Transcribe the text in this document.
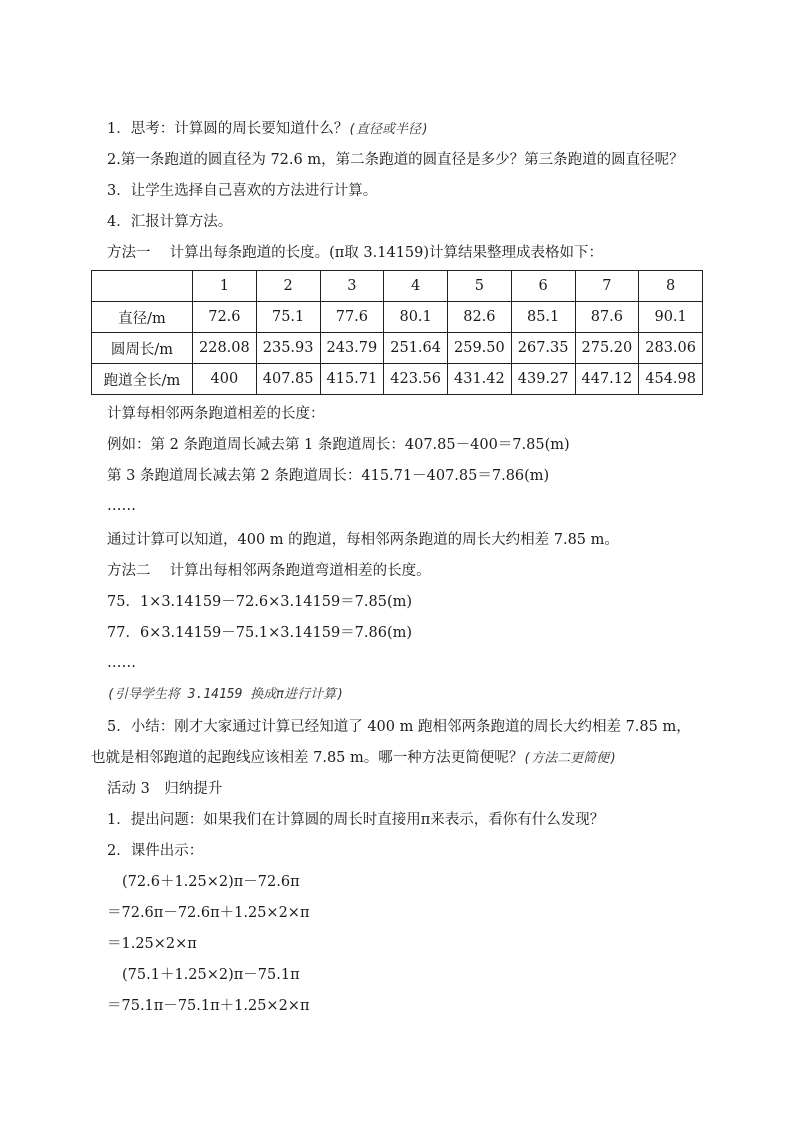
1．思考：计算圆的周长要知道什么？(直径或半径)
2.第一条跑道的圆直径为 72.6 m，第二条跑道的圆直径是多少？第三条跑道的圆直径呢？
3．让学生选择自己喜欢的方法进行计算。
4．汇报计算方法。
方法一　 计算出每条跑道的长度。(π取 3.14159)计算结果整理成表格如下：
	1	2	3	4	5	6	7	8
直径/m	72.6	75.1	77.6	80.1	82.6	85.1	87.6	90.1
圆周长/m	228.08	235.93	243.79	251.64	259.50	267.35	275.20	283.06
跑道全长/m	400	407.85	415.71	423.56	431.42	439.27	447.12	454.98
计算每相邻两条跑道相差的长度：
例如：第 2 条跑道周长减去第 1 条跑道周长：407.85－400＝7.85(m)
第 3 条跑道周长减去第 2 条跑道周长：415.71－407.85＝7.86(m)
……
通过计算可以知道，400 m 的跑道，每相邻两条跑道的周长大约相差 7.85 m。
方法二　 计算出每相邻两条跑道弯道相差的长度。
75．1×3.14159－72.6×3.14159＝7.85(m)
77．6×3.14159－75.1×3.14159＝7.86(m)
……
(引导学生将 3.14159 换成π进行计算)
5．小结：刚才大家通过计算已经知道了 400 m 跑相邻两条跑道的周长大约相差 7.85 m，
也就是相邻跑道的起跑线应该相差 7.85 m。哪一种方法更简便呢？(方法二更简便)
活动 3　归纳提升
1．提出问题：如果我们在计算圆的周长时直接用π来表示，看你有什么发现？
2．课件出示：
(72.6＋1.25×2)π－72.6π
＝72.6π－72.6π＋1.25×2×π
＝1.25×2×π
(75.1＋1.25×2)π－75.1π
＝75.1π－75.1π＋1.25×2×π
